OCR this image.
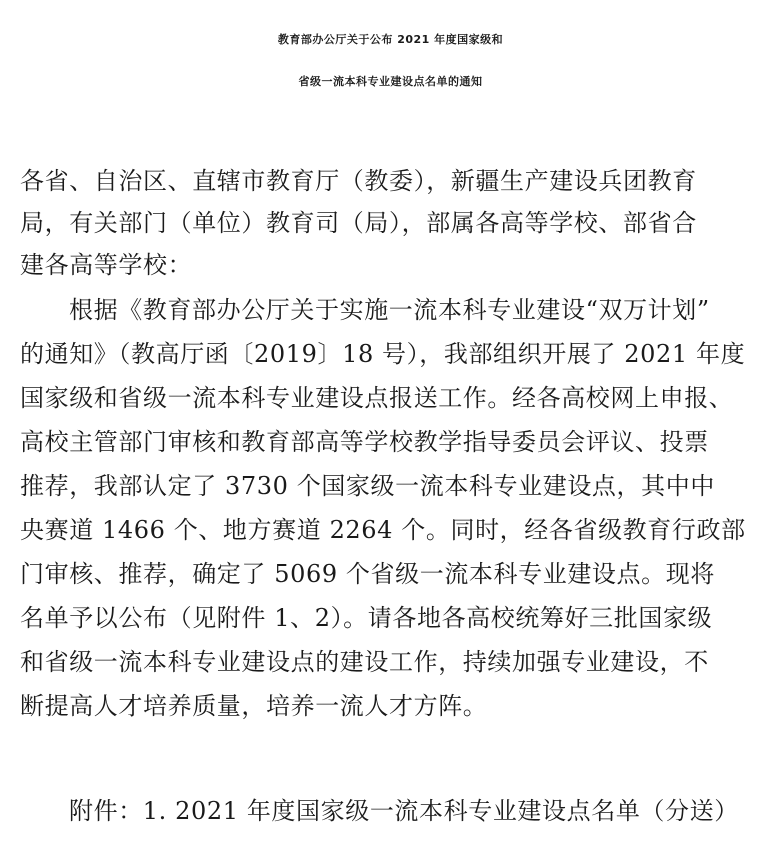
教育部办公厅关于公布 2021 年度国家级和
省级一流本科专业建设点名单的通知
各省、自治区、直辖市教育厅（教委），新疆生产建设兵团教育
局，有关部门（单位）教育司（局），部属各高等学校、部省合
建各高等学校：
根据《教育部办公厅关于实施一流本科专业建设“双万计划”
的通知》（教高厅函〔2019〕18 号），我部组织开展了 2021 年度
国家级和省级一流本科专业建设点报送工作。经各高校网上申报、
高校主管部门审核和教育部高等学校教学指导委员会评议、投票
推荐，我部认定了 3730 个国家级一流本科专业建设点，其中中
央赛道 1466 个、地方赛道 2264 个。同时，经各省级教育行政部
门审核、推荐，确定了 5069 个省级一流本科专业建设点。现将
名单予以公布（见附件 1、2）。请各地各高校统筹好三批国家级
和省级一流本科专业建设点的建设工作，持续加强专业建设，不
断提高人才培养质量，培养一流人才方阵。
附件：1. 2021 年度国家级一流本科专业建设点名单（分送）
